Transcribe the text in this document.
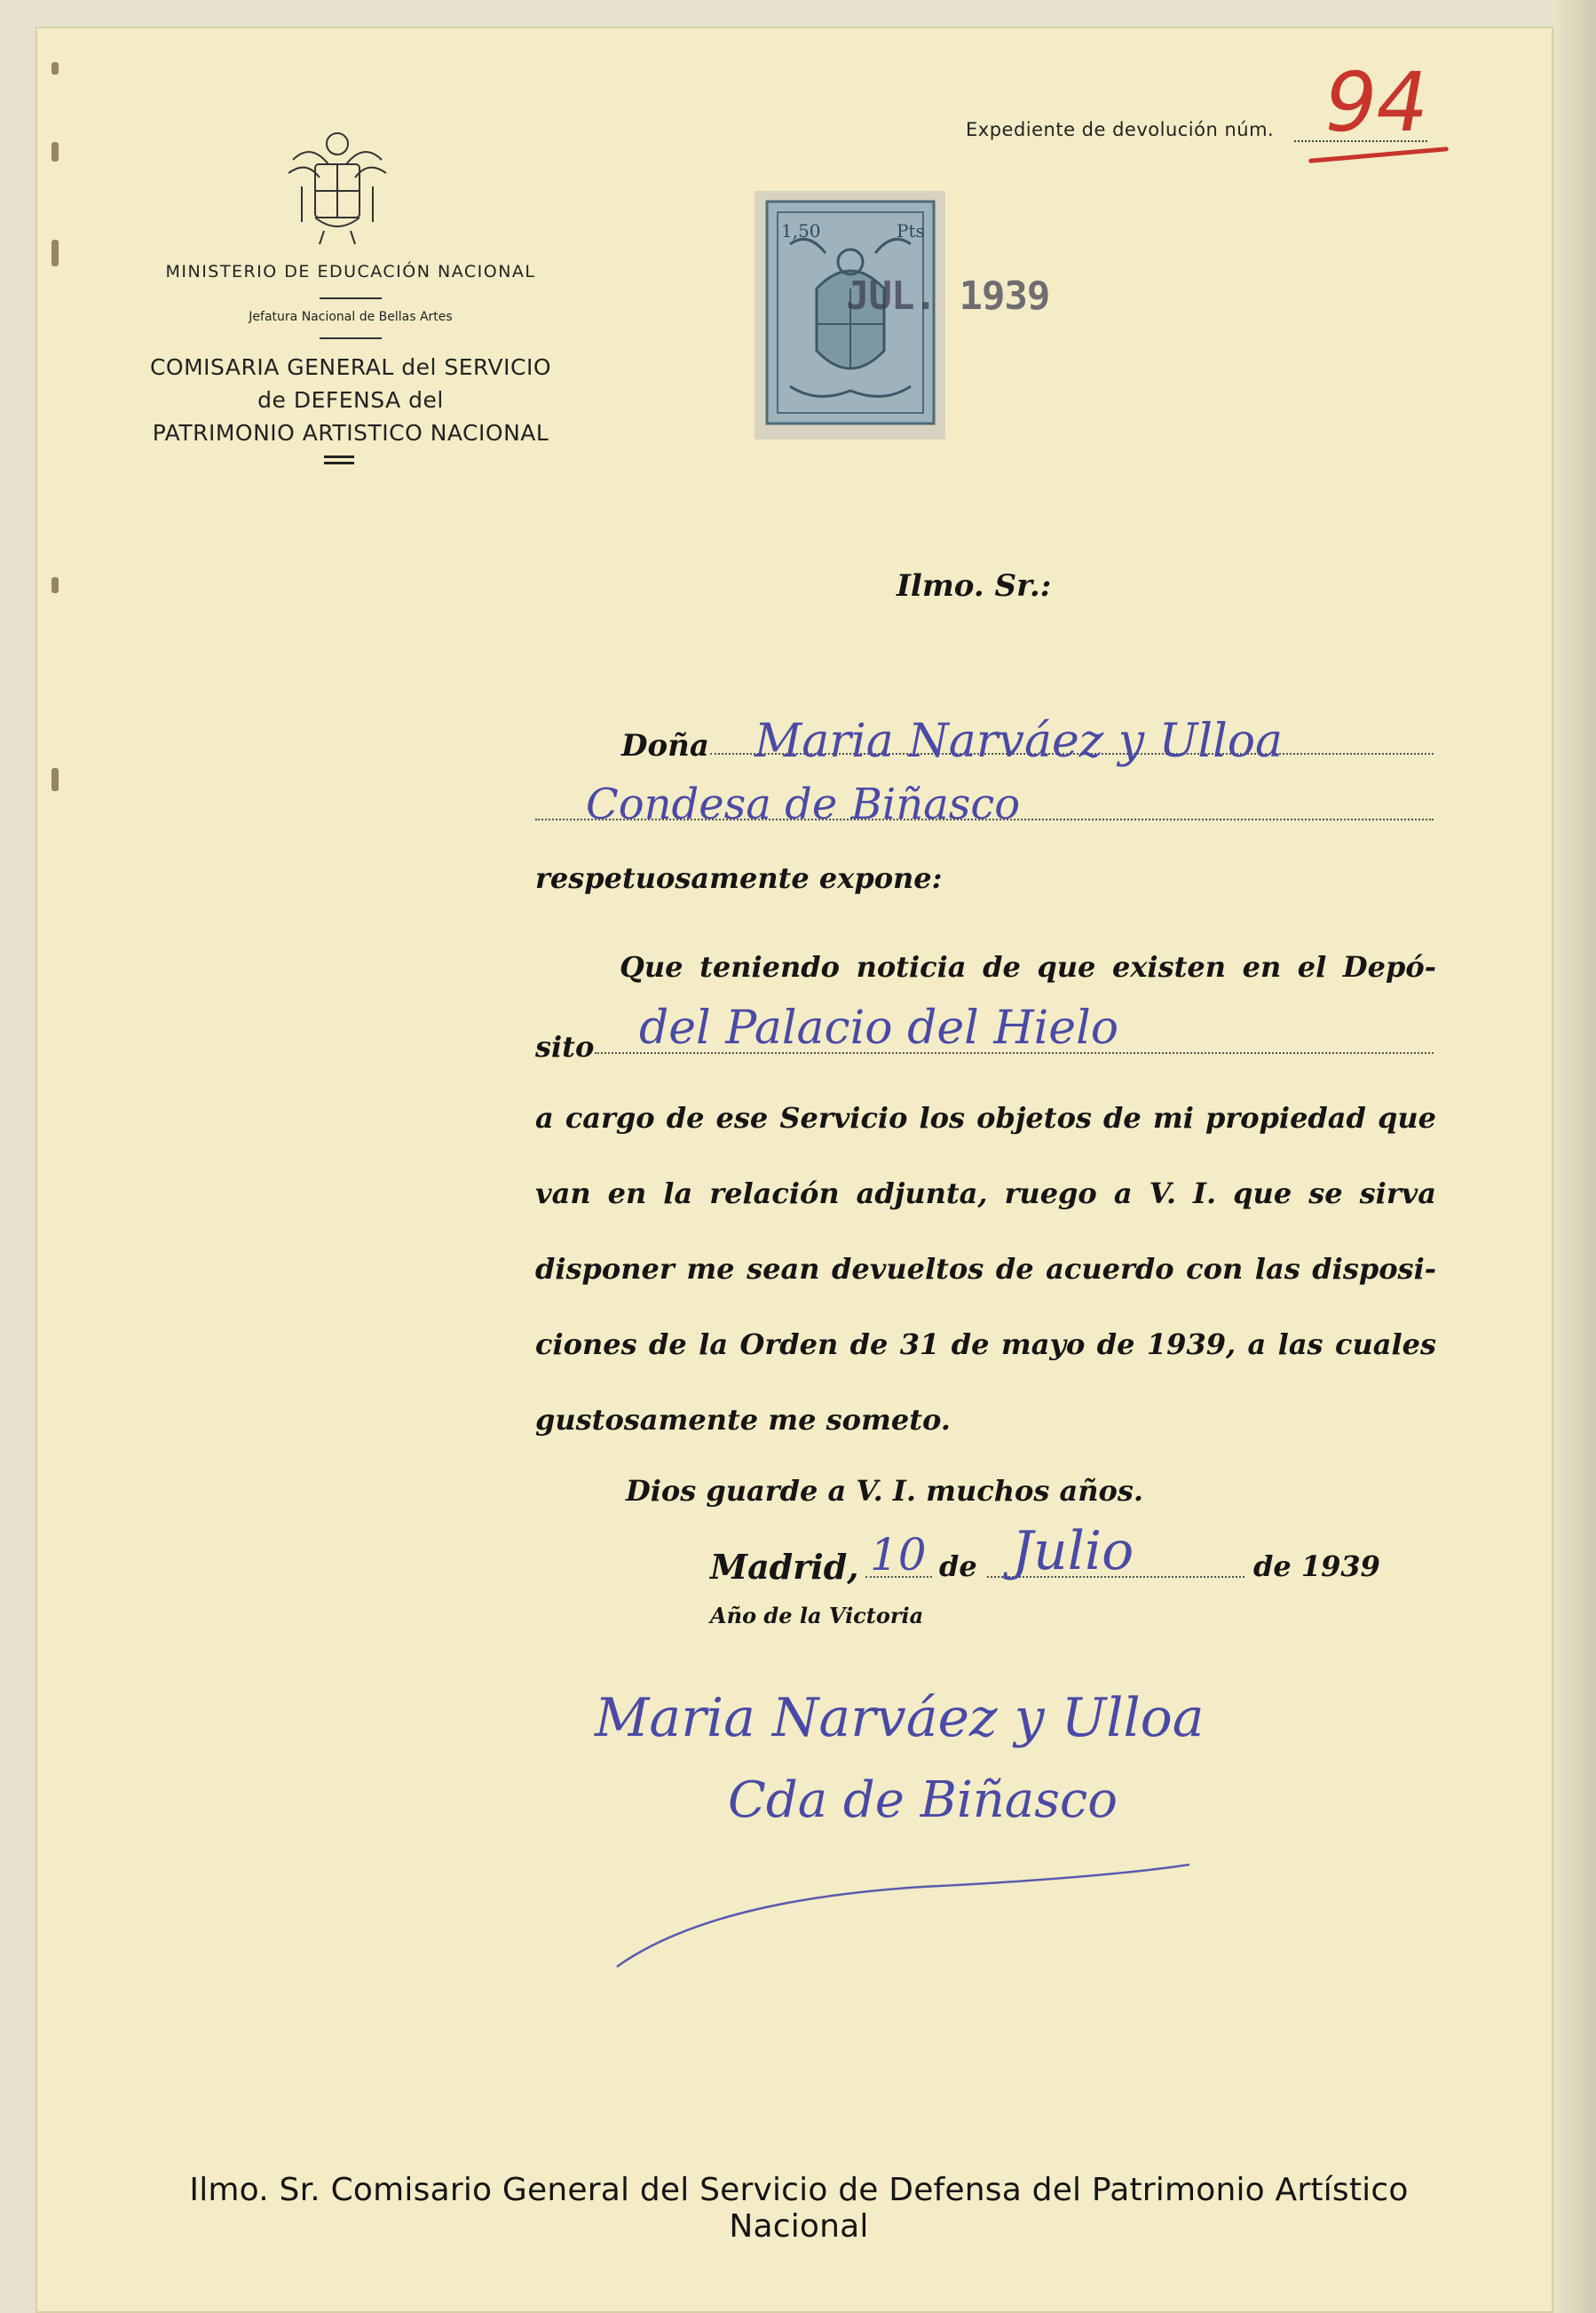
MINISTERIO DE EDUCACIÓN NACIONAL
Jefatura Nacional de Bellas Artes
COMISARIA GENERAL del SERVICIO
de DEFENSA del
PATRIMONIO ARTISTICO NACIONAL
Expediente de devolución núm. 94
1,50	Pts
JUL. 1939
Ilmo. Sr.:
Doña Maria Narváez y Ulloa
Condesa de Biñasco
respetuosamente expone:
Que teniendo noticia de que existen en el Depó-
sito del Palacio del Hielo
a cargo de ese Servicio los objetos de mi propiedad que
van en la relación adjunta, ruego a V. I. que se sirva
disponer me sean devueltos de acuerdo con las disposi-
ciones de la Orden de 31 de mayo de 1939, a las cuales
gustosamente me someto.
Dios guarde a V. I. muchos años.
Madrid, 10 de Julio	de 1939
Año de la Victoria
Maria Narváez y Ulloa
Cda de Biñasco
Ilmo. Sr. Comisario General del Servicio de Defensa del Patrimonio Artístico Nacional
